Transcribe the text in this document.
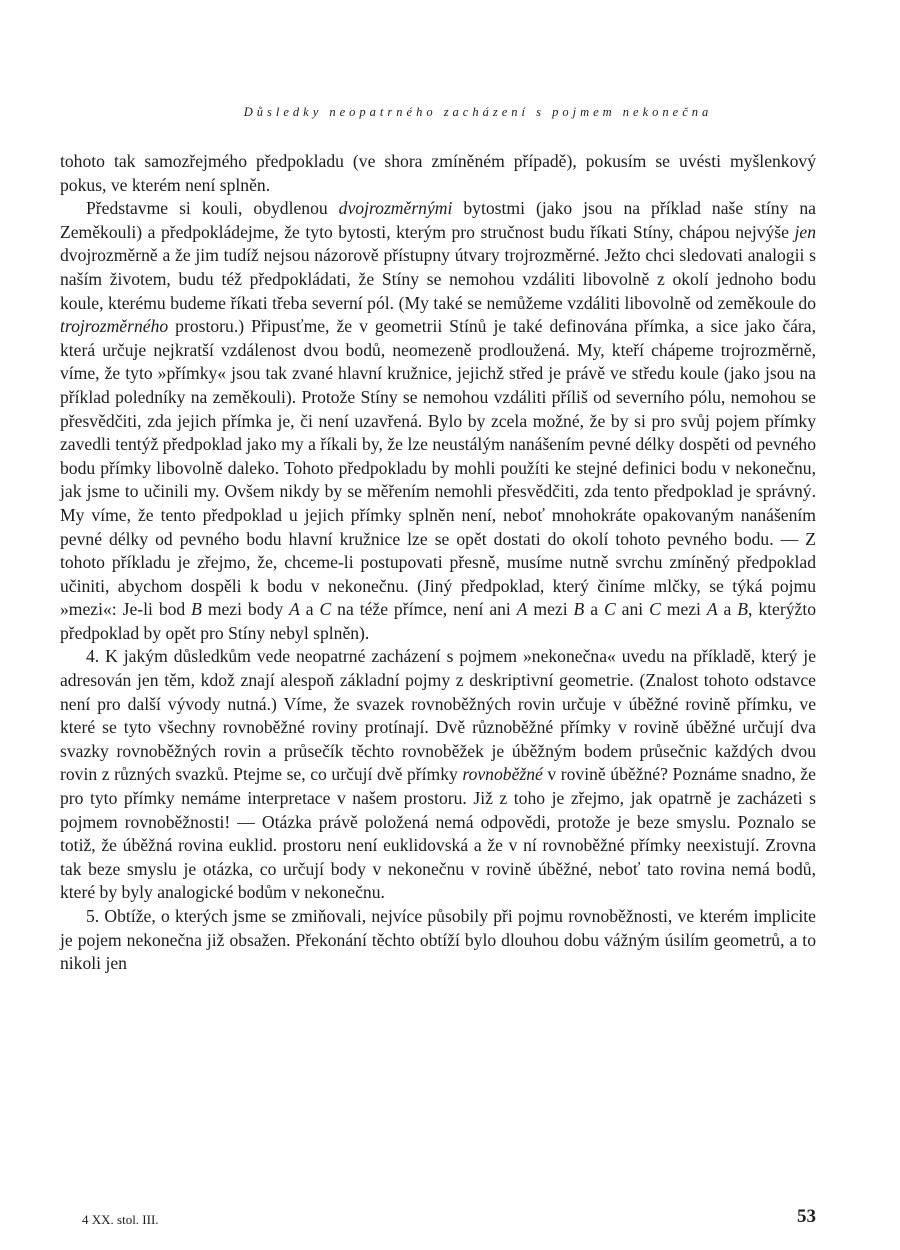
Důsledky neopatrného zacházení s pojmem nekonečna

tohoto tak samozřejmého předpokladu (ve shora zmíněném případě), pokusím se uvésti myšlenkový pokus, ve kterém není splněn.

Představme si kouli, obydlenou dvojrozměrnými bytostmi (jako jsou na příklad naše stíny na Zeměkouli) a předpokládejme, že tyto bytosti, kterým pro stručnost budu říkati Stíny, chápou nejvýše jen dvojrozměrně a že jim tudíž nejsou názorově přístupny útvary trojrozměrné. Ježto chci sledovati analogii s naším životem, budu též předpokládati, že Stíny se nemohou vzdáliti libovolně z okolí jednoho bodu koule, kterému budeme říkati třeba severní pól. (My také se nemůžeme vzdáliti libovolně od zeměkoule do trojrozměrného prostoru.) Připusťme, že v geometrii Stínů je také definována přímka, a sice jako čára, která určuje nejkratší vzdálenost dvou bodů, neomezeně prodloužená. My, kteří chápeme trojrozměrně, víme, že tyto »přímky« jsou tak zvané hlavní kružnice, jejichž střed je právě ve středu koule (jako jsou na příklad poledníky na zeměkouli). Protože Stíny se nemohou vzdáliti příliš od severního pólu, nemohou se přesvědčiti, zda jejich přímka je, či není uzavřená. Bylo by zcela možné, že by si pro svůj pojem přímky zavedli tentýž předpoklad jako my a říkali by, že lze neustálým nanášením pevné délky dospěti od pevného bodu přímky libovolně daleko. Tohoto předpokladu by mohli použíti ke stejné definici bodu v nekonečnu, jak jsme to učinili my. Ovšem nikdy by se měřením nemohli přesvědčiti, zda tento předpoklad je správný. My víme, že tento předpoklad u jejich přímky splněn není, neboť mnohokráte opakovaným nanášením pevné délky od pevného bodu hlavní kružnice lze se opět dostati do okolí tohoto pevného bodu. — Z tohoto příkladu je zřejmo, že, chceme-li postupovati přesně, musíme nutně svrchu zmíněný předpoklad učiniti, abychom dospěli k bodu v nekonečnu. (Jiný předpoklad, který činíme mlčky, se týká pojmu »mezi«: Je-li bod B mezi body A a C na téže přímce, není ani A mezi B a C ani C mezi A a B, kterýžto předpoklad by opět pro Stíny nebyl splněn).

4. K jakým důsledkům vede neopatrné zacházení s pojmem »nekonečna« uvedu na příkladě, který je adresován jen těm, kdož znají alespoň základní pojmy z deskriptivní geometrie. (Znalost tohoto odstavce není pro další vývody nutná.) Víme, že svazek rovnoběžných rovin určuje v úběžné rovině přímku, ve které se tyto všechny rovnoběžné roviny protínají. Dvě různoběžné přímky v rovině úběžné určují dva svazky rovnoběžných rovin a průsečík těchto rovnoběžek je úběžným bodem průsečnic každých dvou rovin z různých svazků. Ptejme se, co určují dvě přímky rovnoběžné v rovině úběžné? Poznáme snadno, že pro tyto přímky nemáme interpretace v našem prostoru. Již z toho je zřejmo, jak opatrně je zacházeti s pojmem rovnoběžnosti! — Otázka právě položená nemá odpovědi, protože je beze smyslu. Poznalo se totiž, že úběžná rovina euklid. prostoru není euklidovská a že v ní rovnoběžné přímky neexistují. Zrovna tak beze smyslu je otázka, co určují body v nekonečnu v rovině úběžné, neboť tato rovina nemá bodů, které by byly analogické bodům v nekonečnu.

5. Obtíže, o kterých jsme se zmiňovali, nejvíce působily při pojmu rovnoběžnosti, ve kterém implicite je pojem nekonečna již obsažen. Překonání těchto obtíží bylo dlouhou dobu vážným úsilím geometrů, a to nikoli jen

4 XX. stol. III.	53
